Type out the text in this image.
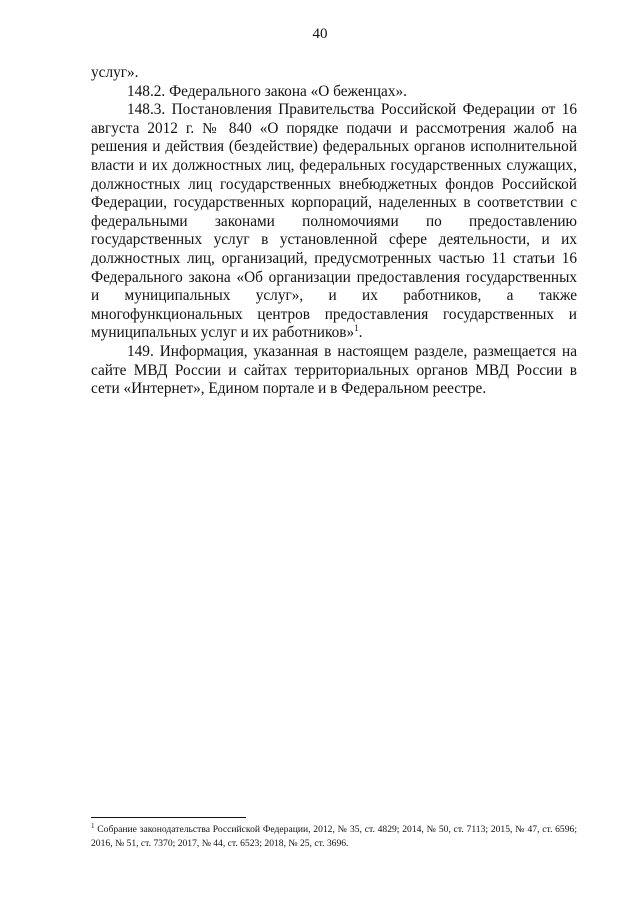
40

услуг».

148.2. Федерального закона «О беженцах».

148.3. Постановления Правительства Российской Федерации от 16 августа 2012 г. № 840 «О порядке подачи и рассмотрения жалоб на решения и действия (бездействие) федеральных органов исполнительной власти и их должностных лиц, федеральных государственных служащих, должностных лиц государственных внебюджетных фондов Российской Федерации, государственных корпораций, наделенных в соответствии с федеральными законами полномочиями по предоставлению государственных услуг в установленной сфере деятельности, и их должностных лиц, организаций, предусмотренных частью 11 статьи 16 Федерального закона «Об организации предоставления государственных и муниципальных услуг», и их работников, а также многофункциональных центров предоставления государственных и муниципальных услуг и их работников»$^1$.

149. Информация, указанная в настоящем разделе, размещается на сайте МВД России и сайтах территориальных органов МВД России в сети «Интернет», Едином портале и в Федеральном реестре.

$^1$ Собрание законодательства Российской Федерации, 2012, № 35, ст. 4829; 2014, № 50, ст. 7113; 2015, № 47, ст. 6596; 2016, № 51, ст. 7370; 2017, № 44, ст. 6523; 2018, № 25, ст. 3696.
